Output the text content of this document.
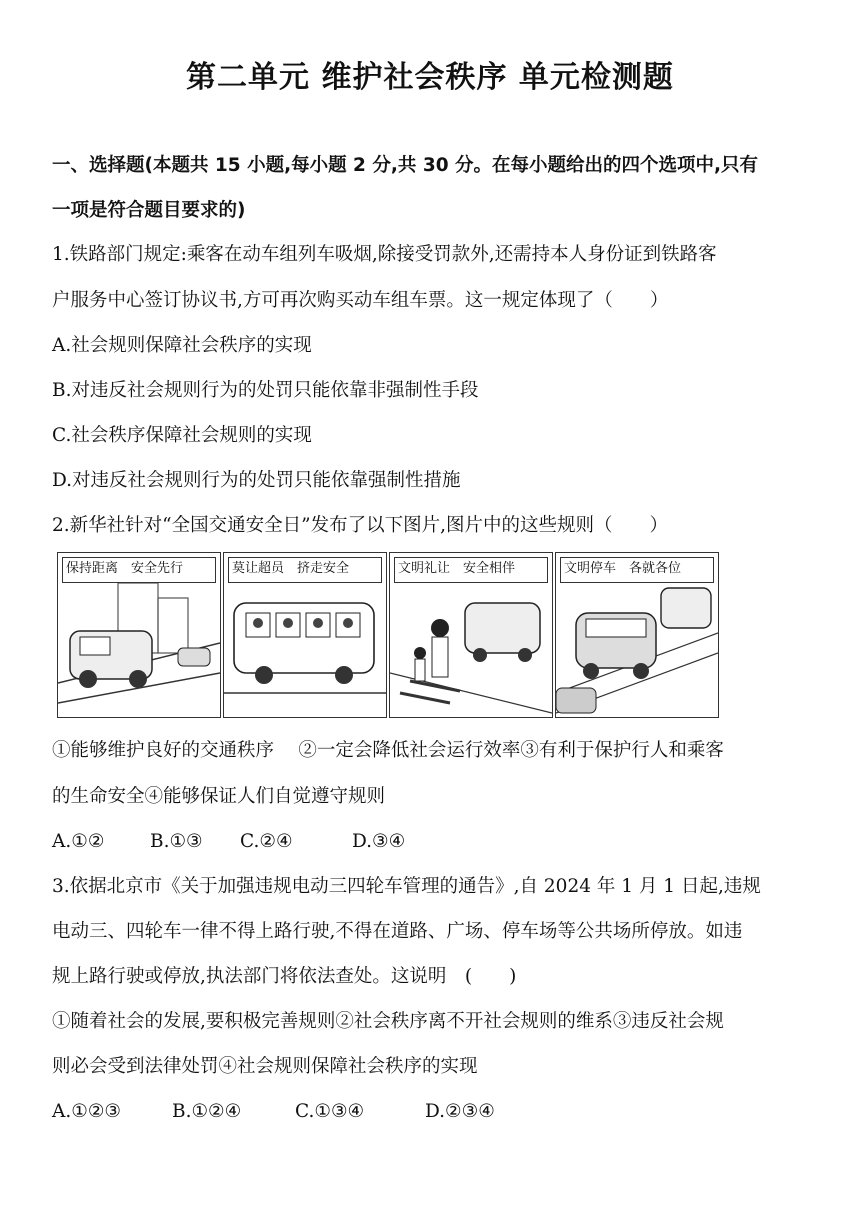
第二单元 维护社会秩序 单元检测题
一、选择题(本题共 15 小题,每小题 2 分,共 30 分。在每小题给出的四个选项中,只有
一项是符合题目要求的)
1.铁路部门规定:乘客在动车组列车吸烟,除接受罚款外,还需持本人身份证到铁路客
户服务中心签订协议书,方可再次购买动车组车票。这一规定体现了（　　）
A.社会规则保障社会秩序的实现
B.对违反社会规则行为的处罚只能依靠非强制性手段
C.社会秩序保障社会规则的实现
D.对违反社会规则行为的处罚只能依靠强制性措施
2.新华社针对“全国交通安全日”发布了以下图片,图片中的这些规则（　　）
保持距离　安全先行	莫让超员　挤走安全	文明礼让　安全相伴	文明停车　各就各位
①能够维护良好的交通秩序　 ②一定会降低社会运行效率③有利于保护行人和乘客
的生命安全④能够保证人们自觉遵守规则
A.①② B.①③ C.②④	D.③④
3.依据北京市《关于加强违规电动三四轮车管理的通告》,自 2024 年 1 月 1 日起,违规
电动三、四轮车一律不得上路行驶,不得在道路、广场、停车场等公共场所停放。如违
规上路行驶或停放,执法部门将依法查处。这说明　(　　)
①随着社会的发展,要积极完善规则②社会秩序离不开社会规则的维系③违反社会规
则必会受到法律处罚④社会规则保障社会秩序的实现
A.①②③	B.①②④	C.①③④	D.②③④
